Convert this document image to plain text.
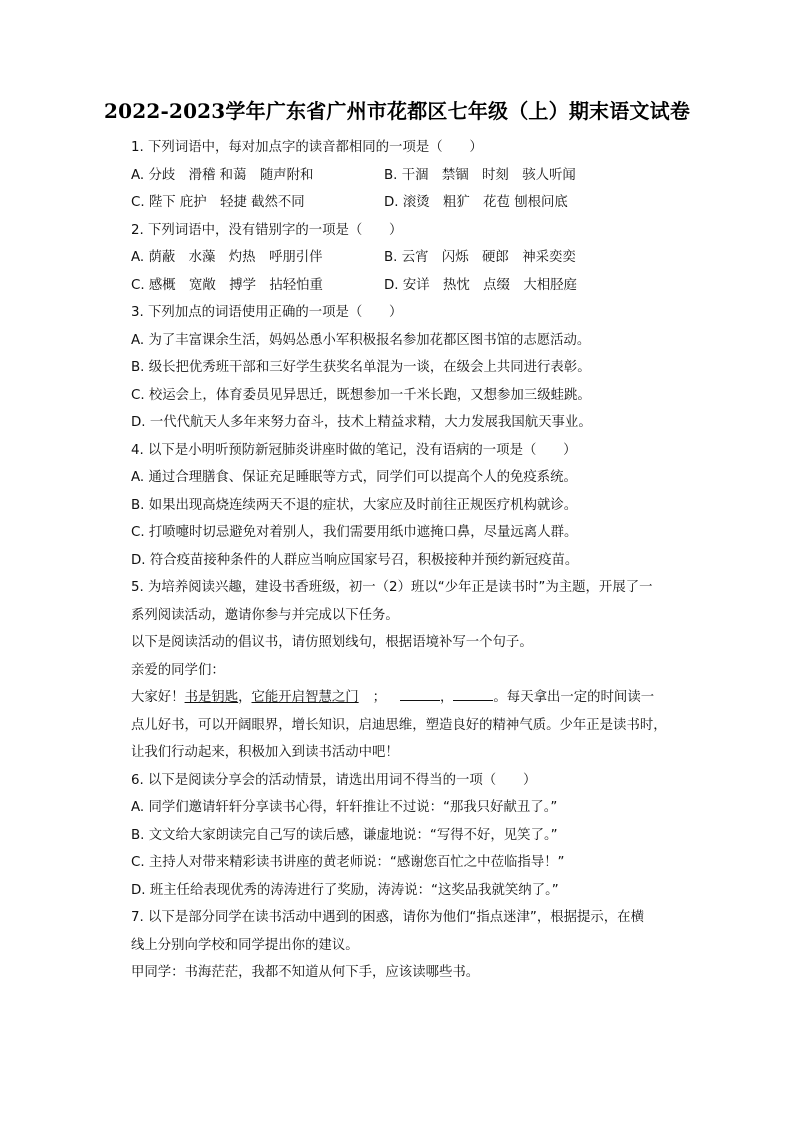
2022-2023学年广东省广州市花都区七年级（上）期末语文试卷
1. 下列词语中，每对加点字的读音都相同的一项是（　　）
A. 分歧　滑稽 和蔼　随声附和	B. 干涸　禁锢　时刻　骇人听闻
C. 陛下 庇护　轻捷 截然不同	D. 滚烫　粗犷　花苞 刨根问底
2. 下列词语中，没有错别字的一项是（　　）
A. 荫蔽　水藻　灼热　呼朋引伴	B. 云宵　闪烁　硬郎　神采奕奕
C. 感概　宽敞　搏学　拈轻怕重	D. 安详　热忱　点缀　大相胫庭
3. 下列加点的词语使用正确的一项是（　　）
A. 为了丰富课余生活，妈妈怂恿小军积极报名参加花都区图书馆的志愿活动。
B. 级长把优秀班干部和三好学生获奖名单混为一谈，在级会上共同进行表彰。
C. 校运会上，体育委员见异思迁，既想参加一千米长跑，又想参加三级蛙跳。
D. 一代代航天人多年来努力奋斗，技术上精益求精，大力发展我国航天事业。
4. 以下是小明听预防新冠肺炎讲座时做的笔记，没有语病的一项是（　　）
A. 通过合理膳食、保证充足睡眠等方式，同学们可以提高个人的免疫系统。
B. 如果出现高烧连续两天不退的症状，大家应及时前往正规医疗机构就诊。
C. 打喷嚏时切忌避免对着别人，我们需要用纸巾遮掩口鼻，尽量远离人群。
D. 符合疫苗接种条件的人群应当响应国家号召，积极接种并预约新冠疫苗。
5. 为培养阅读兴趣，建设书香班级，初一（2）班以“少年正是读书时”为主题，开展了一
系列阅读活动，邀请你参与并完成以下任务。
以下是阅读活动的倡议书，请仿照划线句，根据语境补写一个句子。
亲爱的同学们：
大家好！书是钥匙，它能开启智慧之门 ；	，	。每天拿出一定的时间读一
点儿好书，可以开阔眼界，增长知识，启迪思维，塑造良好的精神气质。少年正是读书时，
让我们行动起来，积极加入到读书活动中吧！
6. 以下是阅读分享会的活动情景，请选出用词不得当的一项（　　）
A. 同学们邀请轩轩分享读书心得，轩轩推让不过说：“那我只好献丑了。”
B. 文文给大家朗读完自己写的读后感，谦虚地说：“写得不好，见笑了。”
C. 主持人对带来精彩读书讲座的黄老师说：“感谢您百忙之中莅临指导！”
D. 班主任给表现优秀的涛涛进行了奖励，涛涛说：“这奖品我就笑纳了。”
7. 以下是部分同学在读书活动中遇到的困惑，请你为他们“指点迷津”，根据提示，在横
线上分别向学校和同学提出你的建议。
甲同学：书海茫茫，我都不知道从何下手，应该读哪些书。
